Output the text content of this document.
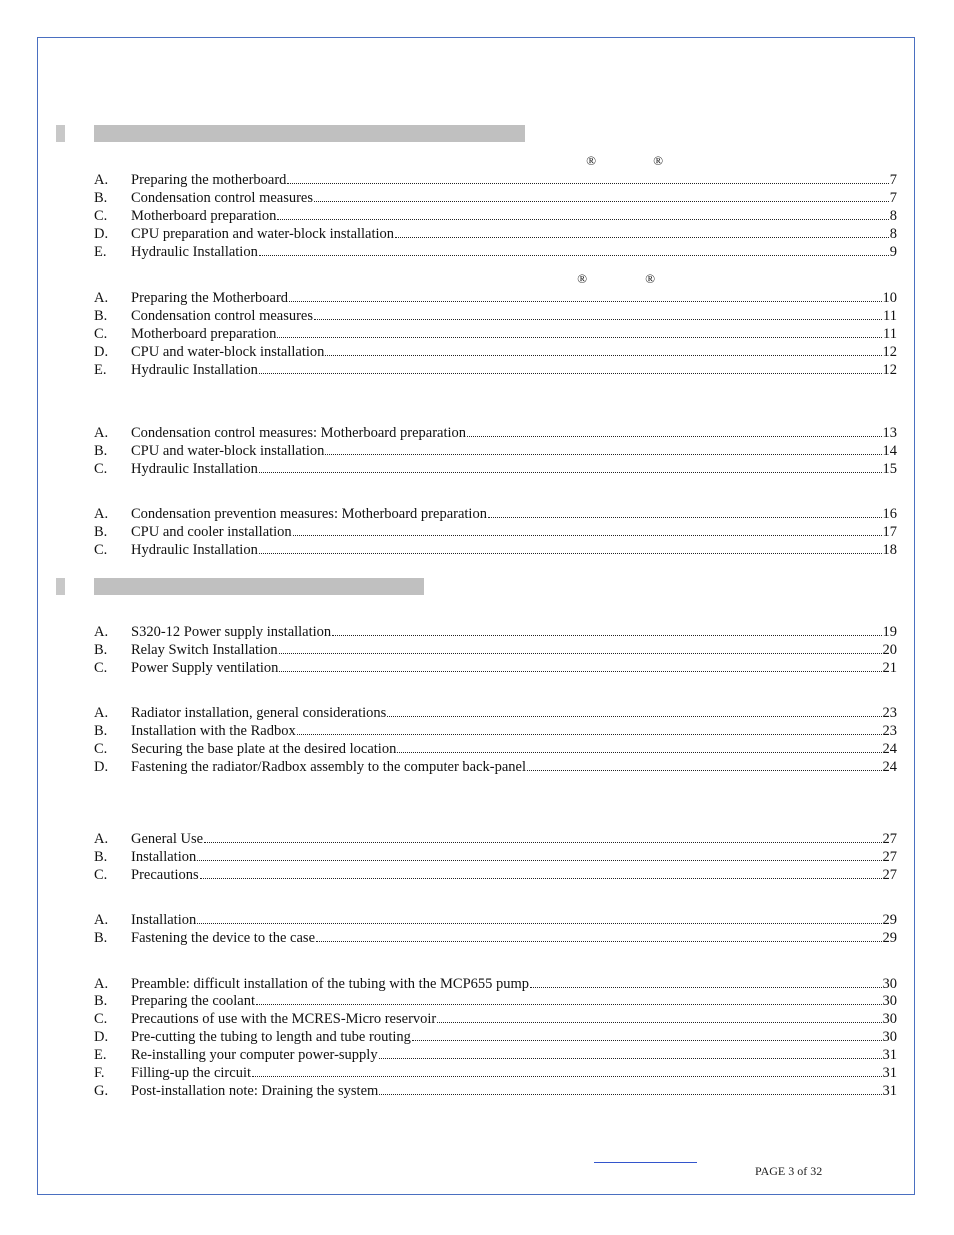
®	®
®	®
A. Preparing the motherboard	7
B. Condensation control measures	7
C. Motherboard preparation	8
D. CPU preparation and water-block installation	8
E. Hydraulic Installation	9
A. Preparing the Motherboard	10
B. Condensation control measures	11
C. Motherboard preparation	11
D. CPU and water-block installation	12
E. Hydraulic Installation	12
A. Condensation control measures: Motherboard preparation	13
B. CPU and water-block installation	14
C. Hydraulic Installation	15
A. Condensation prevention measures: Motherboard preparation	16
B. CPU and cooler installation	17
C. Hydraulic Installation	18
A. S320-12 Power supply installation	19
B. Relay Switch Installation	20
C. Power Supply ventilation	21
A. Radiator installation, general considerations	23
B. Installation with the Radbox	23
C. Securing the base plate at the desired location	24
D. Fastening the radiator/Radbox assembly to the computer back-panel	24
A. General Use	27
B. Installation	27
C. Precautions	27
A. Installation	29
B. Fastening the device to the case	29
A. Preamble: difficult installation of the tubing with the MCP655 pump	30
B. Preparing the coolant	30
C. Precautions of use with the MCRES-Micro reservoir	30
D. Pre-cutting the tubing to length and tube routing	30
E. Re-installing your computer power-supply	31
F. Filling-up the circuit	31
G. Post-installation note: Draining the system	31
PAGE 3 of 32
